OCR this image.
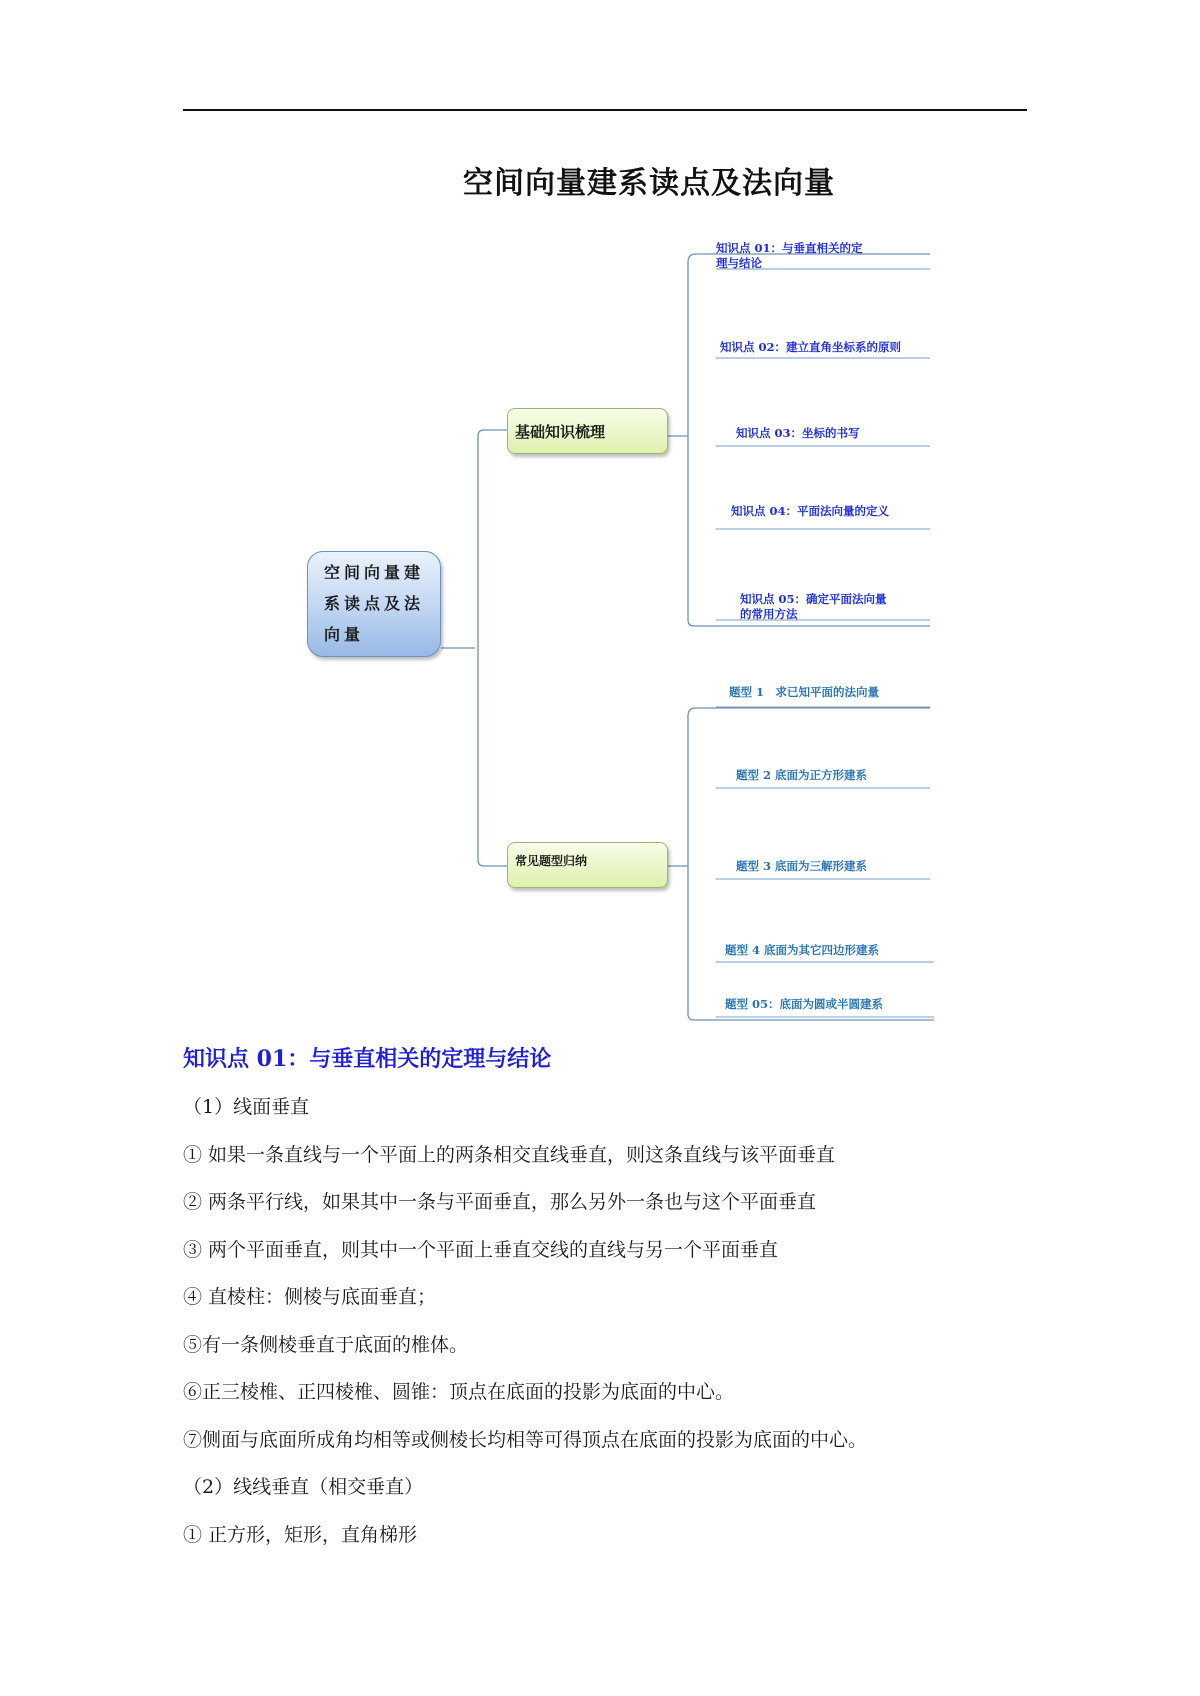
空间向量建系读点及法向量
空间向量建
系读点及法
向量
基础知识梳理
常见题型归纳
知识点 01：与垂直相关的定
理与结论
知识点 02：建立直角坐标系的原则
知识点 03：坐标的书写
知识点 04：平面法向量的定义
知识点 05：确定平面法向量
的常用方法
题型 1　求已知平面的法向量
题型 2 底面为正方形建系
题型 3 底面为三解形建系
题型 4 底面为其它四边形建系
题型 05：底面为圆或半圆建系
知识点 01：与垂直相关的定理与结论
（1）线面垂直
① 如果一条直线与一个平面上的两条相交直线垂直，则这条直线与该平面垂直
② 两条平行线，如果其中一条与平面垂直，那么另外一条也与这个平面垂直
③ 两个平面垂直，则其中一个平面上垂直交线的直线与另一个平面垂直
④ 直棱柱：侧棱与底面垂直；
⑤有一条侧棱垂直于底面的椎体。
⑥正三棱椎、正四棱椎、圆锥：顶点在底面的投影为底面的中心。
⑦侧面与底面所成角均相等或侧棱长均相等可得顶点在底面的投影为底面的中心。
（2）线线垂直（相交垂直）
① 正方形，矩形，直角梯形
